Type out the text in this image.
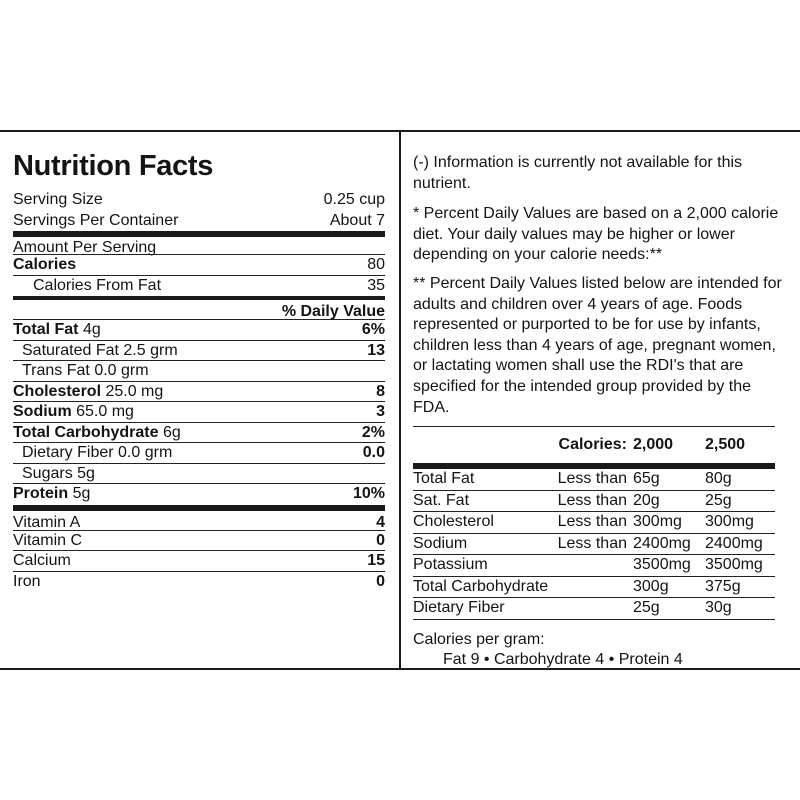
Nutrition Facts
Serving Size	0.25 cup
Servings Per Container	About 7
Amount Per Serving
Calories	80
Calories From Fat	35
% Daily Value
Total Fat 4g	6%
Saturated Fat 2.5 grm	13
Trans Fat 0.0 grm
Cholesterol 25.0 mg	8
Sodium 65.0 mg	3
Total Carbohydrate 6g	2%
Dietary Fiber 0.0 grm	0.0
Sugars 5g
Protein 5g	10%
Vitamin A	4
Vitamin C	0
Calcium	15
Iron	0

(-) Information is currently not available for this nutrient.

* Percent Daily Values are based on a 2,000 calorie diet. Your daily values may be higher or lower depending on your calorie needs:**

** Percent Daily Values listed below are intended for adults and children over 4 years of age. Foods represented or purported to be for use by infants, children less than 4 years of age, pregnant women, or lactating women shall use the RDI's that are specified for the intended group provided by the FDA.

	Calories:	2,000	2,500
Total Fat	Less than	65g	80g
Sat. Fat	Less than	20g	25g
Cholesterol	Less than	300mg	300mg
Sodium	Less than	2400mg	2400mg
Potassium		3500mg	3500mg
Total Carbohydrate		300g	375g
Dietary Fiber		25g	30g
Calories per gram:
Fat 9 • Carbohydrate 4 • Protein 4
